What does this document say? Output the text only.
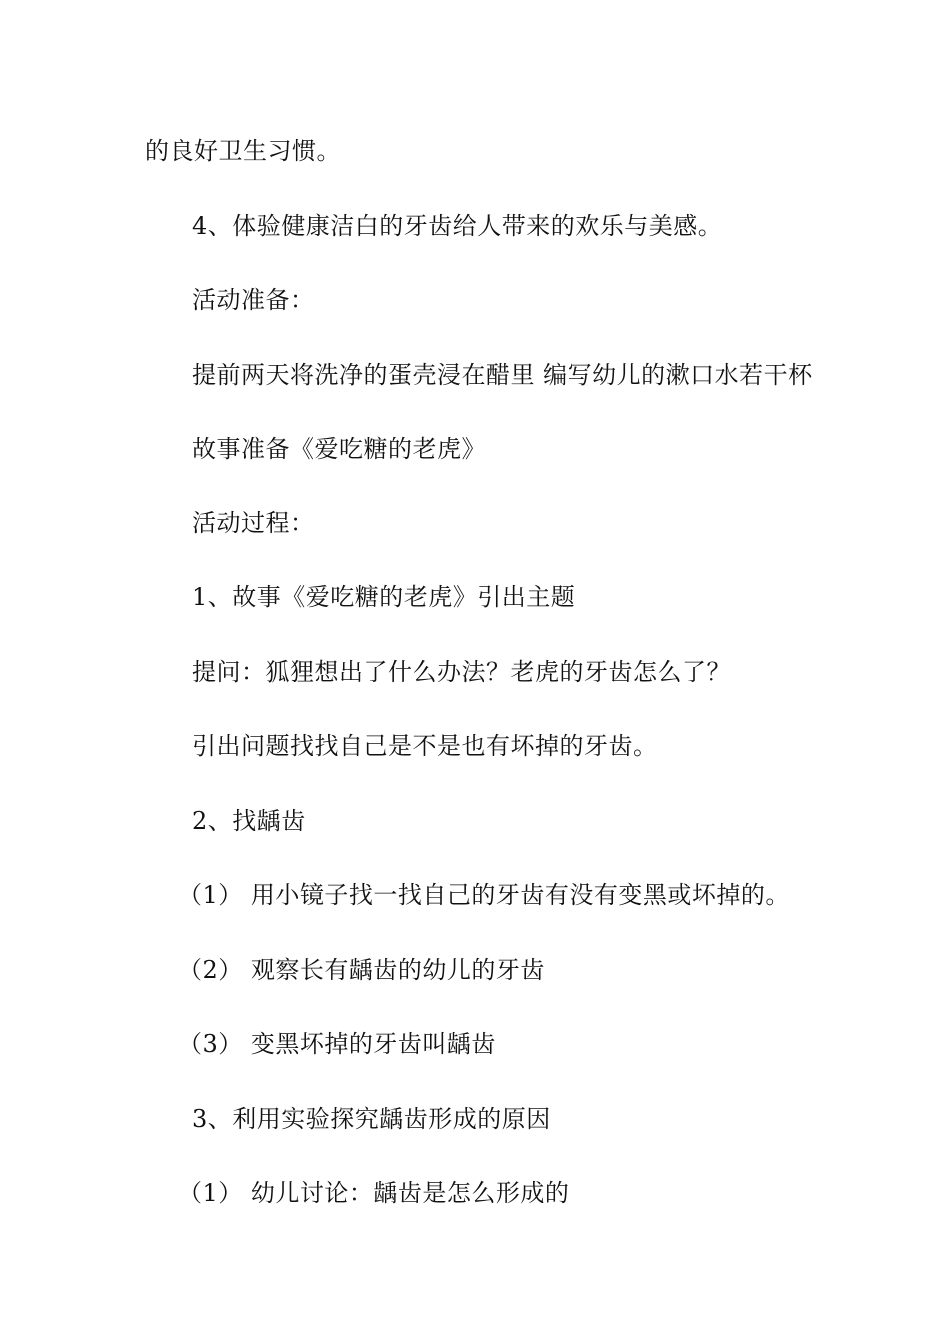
的良好卫生习惯。
4、体验健康洁白的牙齿给人带来的欢乐与美感。
活动准备：
提前两天将洗净的蛋壳浸在醋里 编写幼儿的漱口水若干杯
故事准备《爱吃糖的老虎》
活动过程：
1、故事《爱吃糖的老虎》引出主题
提问：狐狸想出了什么办法？老虎的牙齿怎么了？
引出问题找找自己是不是也有坏掉的牙齿。
2、找龋齿
（1） 用小镜子找一找自己的牙齿有没有变黑或坏掉的。
（2） 观察长有龋齿的幼儿的牙齿
（3） 变黑坏掉的牙齿叫龋齿
3、利用实验探究龋齿形成的原因
（1） 幼儿讨论：龋齿是怎么形成的
